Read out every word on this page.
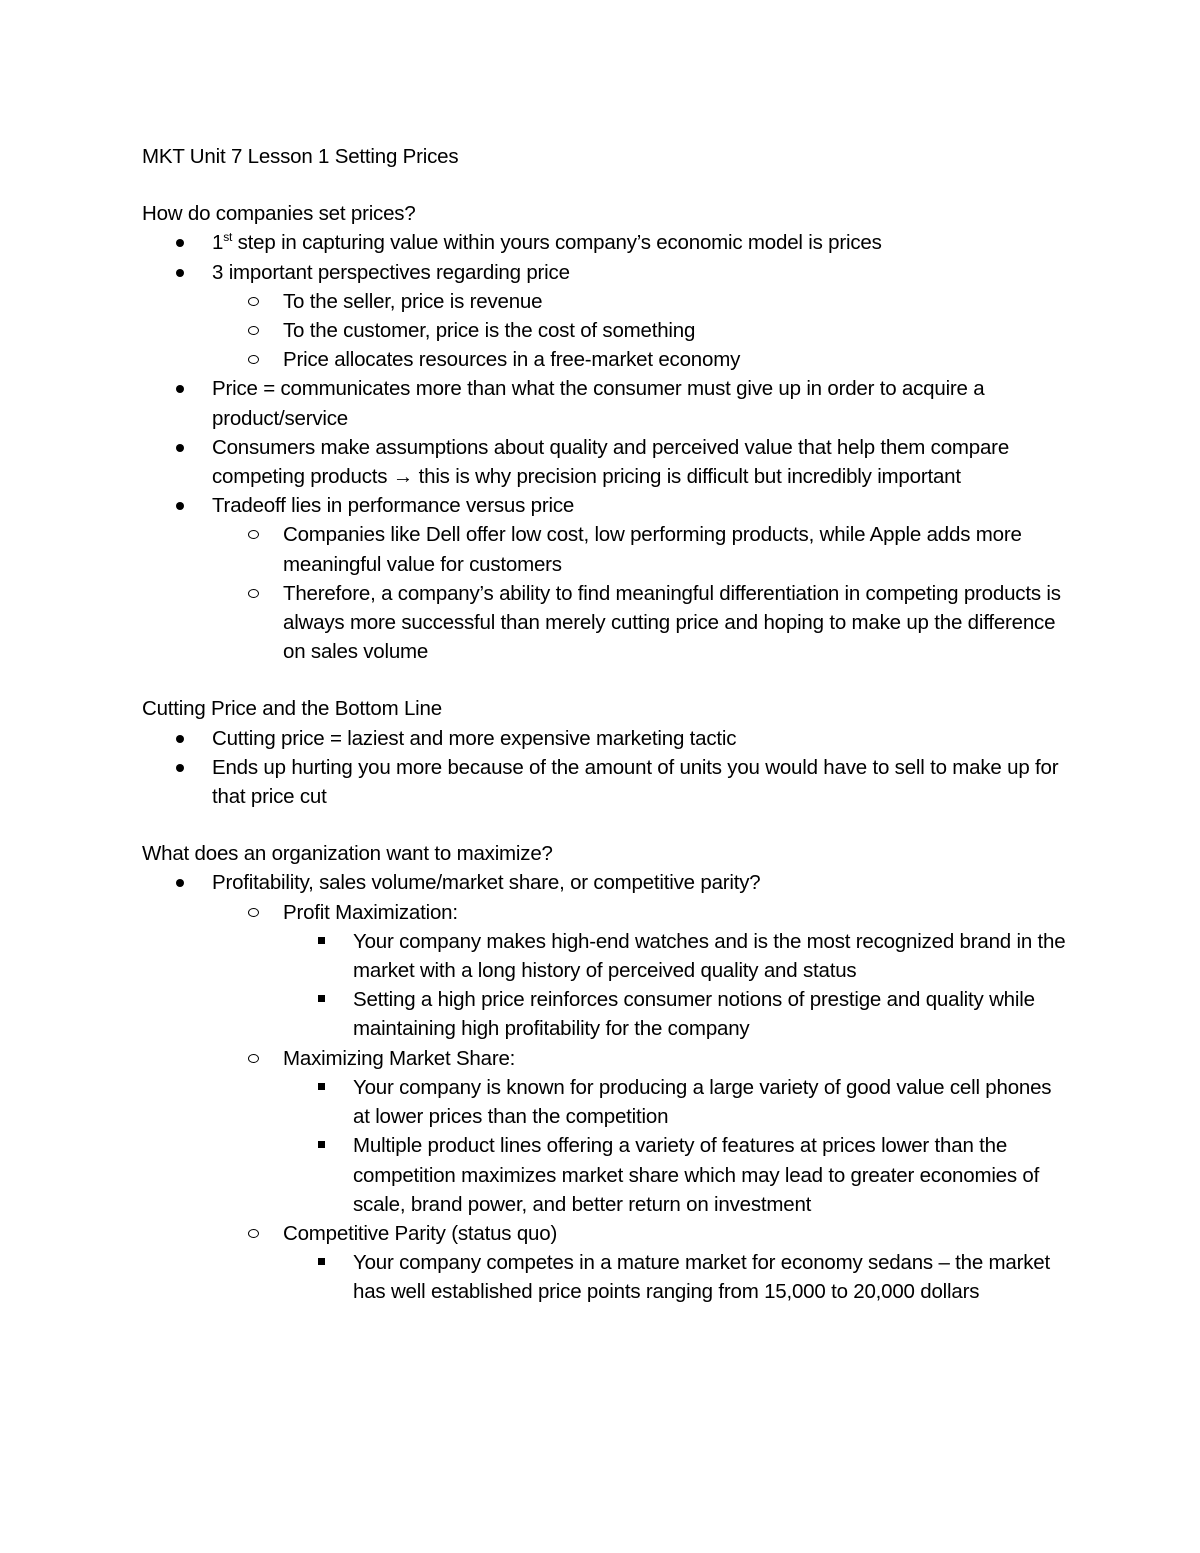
MKT Unit 7 Lesson 1 Setting Prices
How do companies set prices?
1st step in capturing value within yours company’s economic model is prices
3 important perspectives regarding price
To the seller, price is revenue
To the customer, price is the cost of something
Price allocates resources in a free-market economy
Price = communicates more than what the consumer must give up in order to acquire a product/service
Consumers make assumptions about quality and perceived value that help them compare competing products → this is why precision pricing is difficult but incredibly important
Tradeoff lies in performance versus price
Companies like Dell offer low cost, low performing products, while Apple adds more meaningful value for customers
Therefore, a company’s ability to find meaningful differentiation in competing products is always more successful than merely cutting price and hoping to make up the difference on sales volume
Cutting Price and the Bottom Line
Cutting price = laziest and more expensive marketing tactic
Ends up hurting you more because of the amount of units you would have to sell to make up for that price cut
What does an organization want to maximize?
Profitability, sales volume/market share, or competitive parity?
Profit Maximization:
Your company makes high-end watches and is the most recognized brand in the market with a long history of perceived quality and status
Setting a high price reinforces consumer notions of prestige and quality while maintaining high profitability for the company
Maximizing Market Share:
Your company is known for producing a large variety of good value cell phones at lower prices than the competition
Multiple product lines offering a variety of features at prices lower than the competition maximizes market share which may lead to greater economies of scale, brand power, and better return on investment
Competitive Parity (status quo)
Your company competes in a mature market for economy sedans – the market has well established price points ranging from 15,000 to 20,000 dollars
